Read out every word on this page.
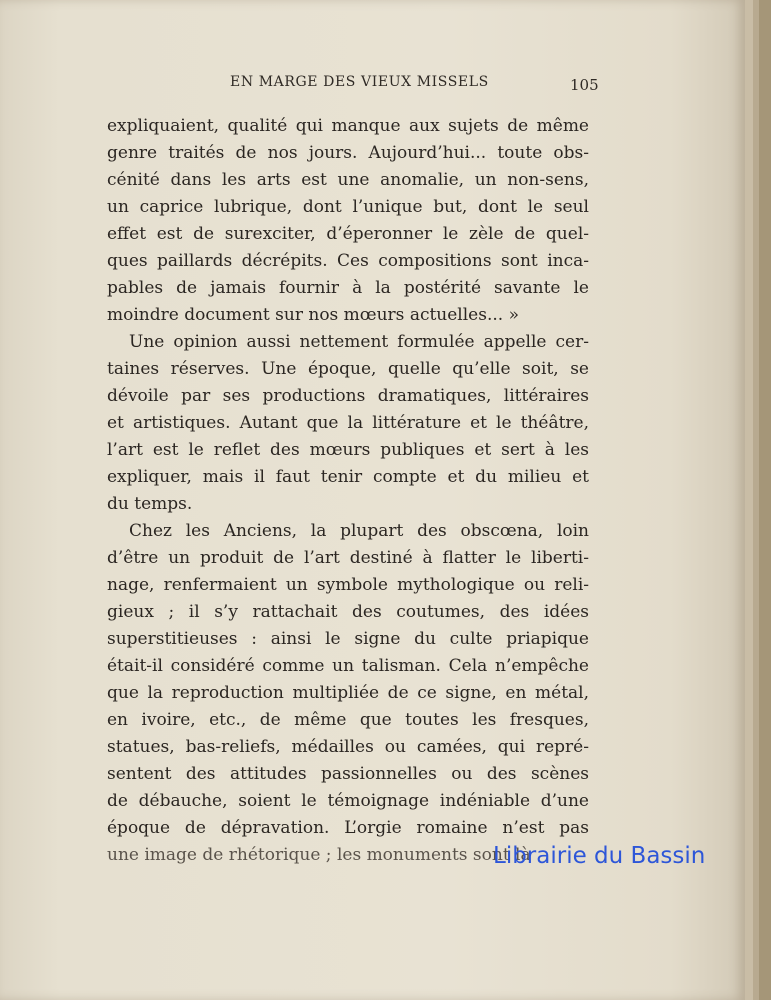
EN MARGE DES VIEUX MISSELS	105
expliquaient, qualité qui manque aux sujets de même
genre traités de nos jours. Aujourd’hui... toute obs-
cénité dans les arts est une anomalie, un non-sens,
un caprice lubrique, dont l’unique but, dont le seul
effet est de surexciter, d’éperonner le zèle de quel-
ques paillards décrépits. Ces compositions sont inca-
pables de jamais fournir à la postérité savante le
moindre document sur nos mœurs actuelles... »
Une opinion aussi nettement formulée appelle cer-
taines réserves. Une époque, quelle qu’elle soit, se
dévoile par ses productions dramatiques, littéraires
et artistiques. Autant que la littérature et le théâtre,
l’art est le reflet des mœurs publiques et sert à les
expliquer, mais il faut tenir compte et du milieu et
du temps.
Chez les Anciens, la plupart des obscœna, loin
d’être un produit de l’art destiné à flatter le liberti-
nage, renfermaient un symbole mythologique ou reli-
gieux ; il s’y rattachait des coutumes, des idées
superstitieuses : ainsi le signe du culte priapique
était-il considéré comme un talisman. Cela n’empêche
que la reproduction multipliée de ce signe, en métal,
en ivoire, etc., de même que toutes les fresques,
statues, bas-reliefs, médailles ou camées, qui repré-
sentent des attitudes passionnelles ou des scènes
de débauche, soient le témoignage indéniable d’une
époque de dépravation. L’orgie romaine n’est pas
une image de rhétorique ; les monuments sont là
Librairie du Bassin
